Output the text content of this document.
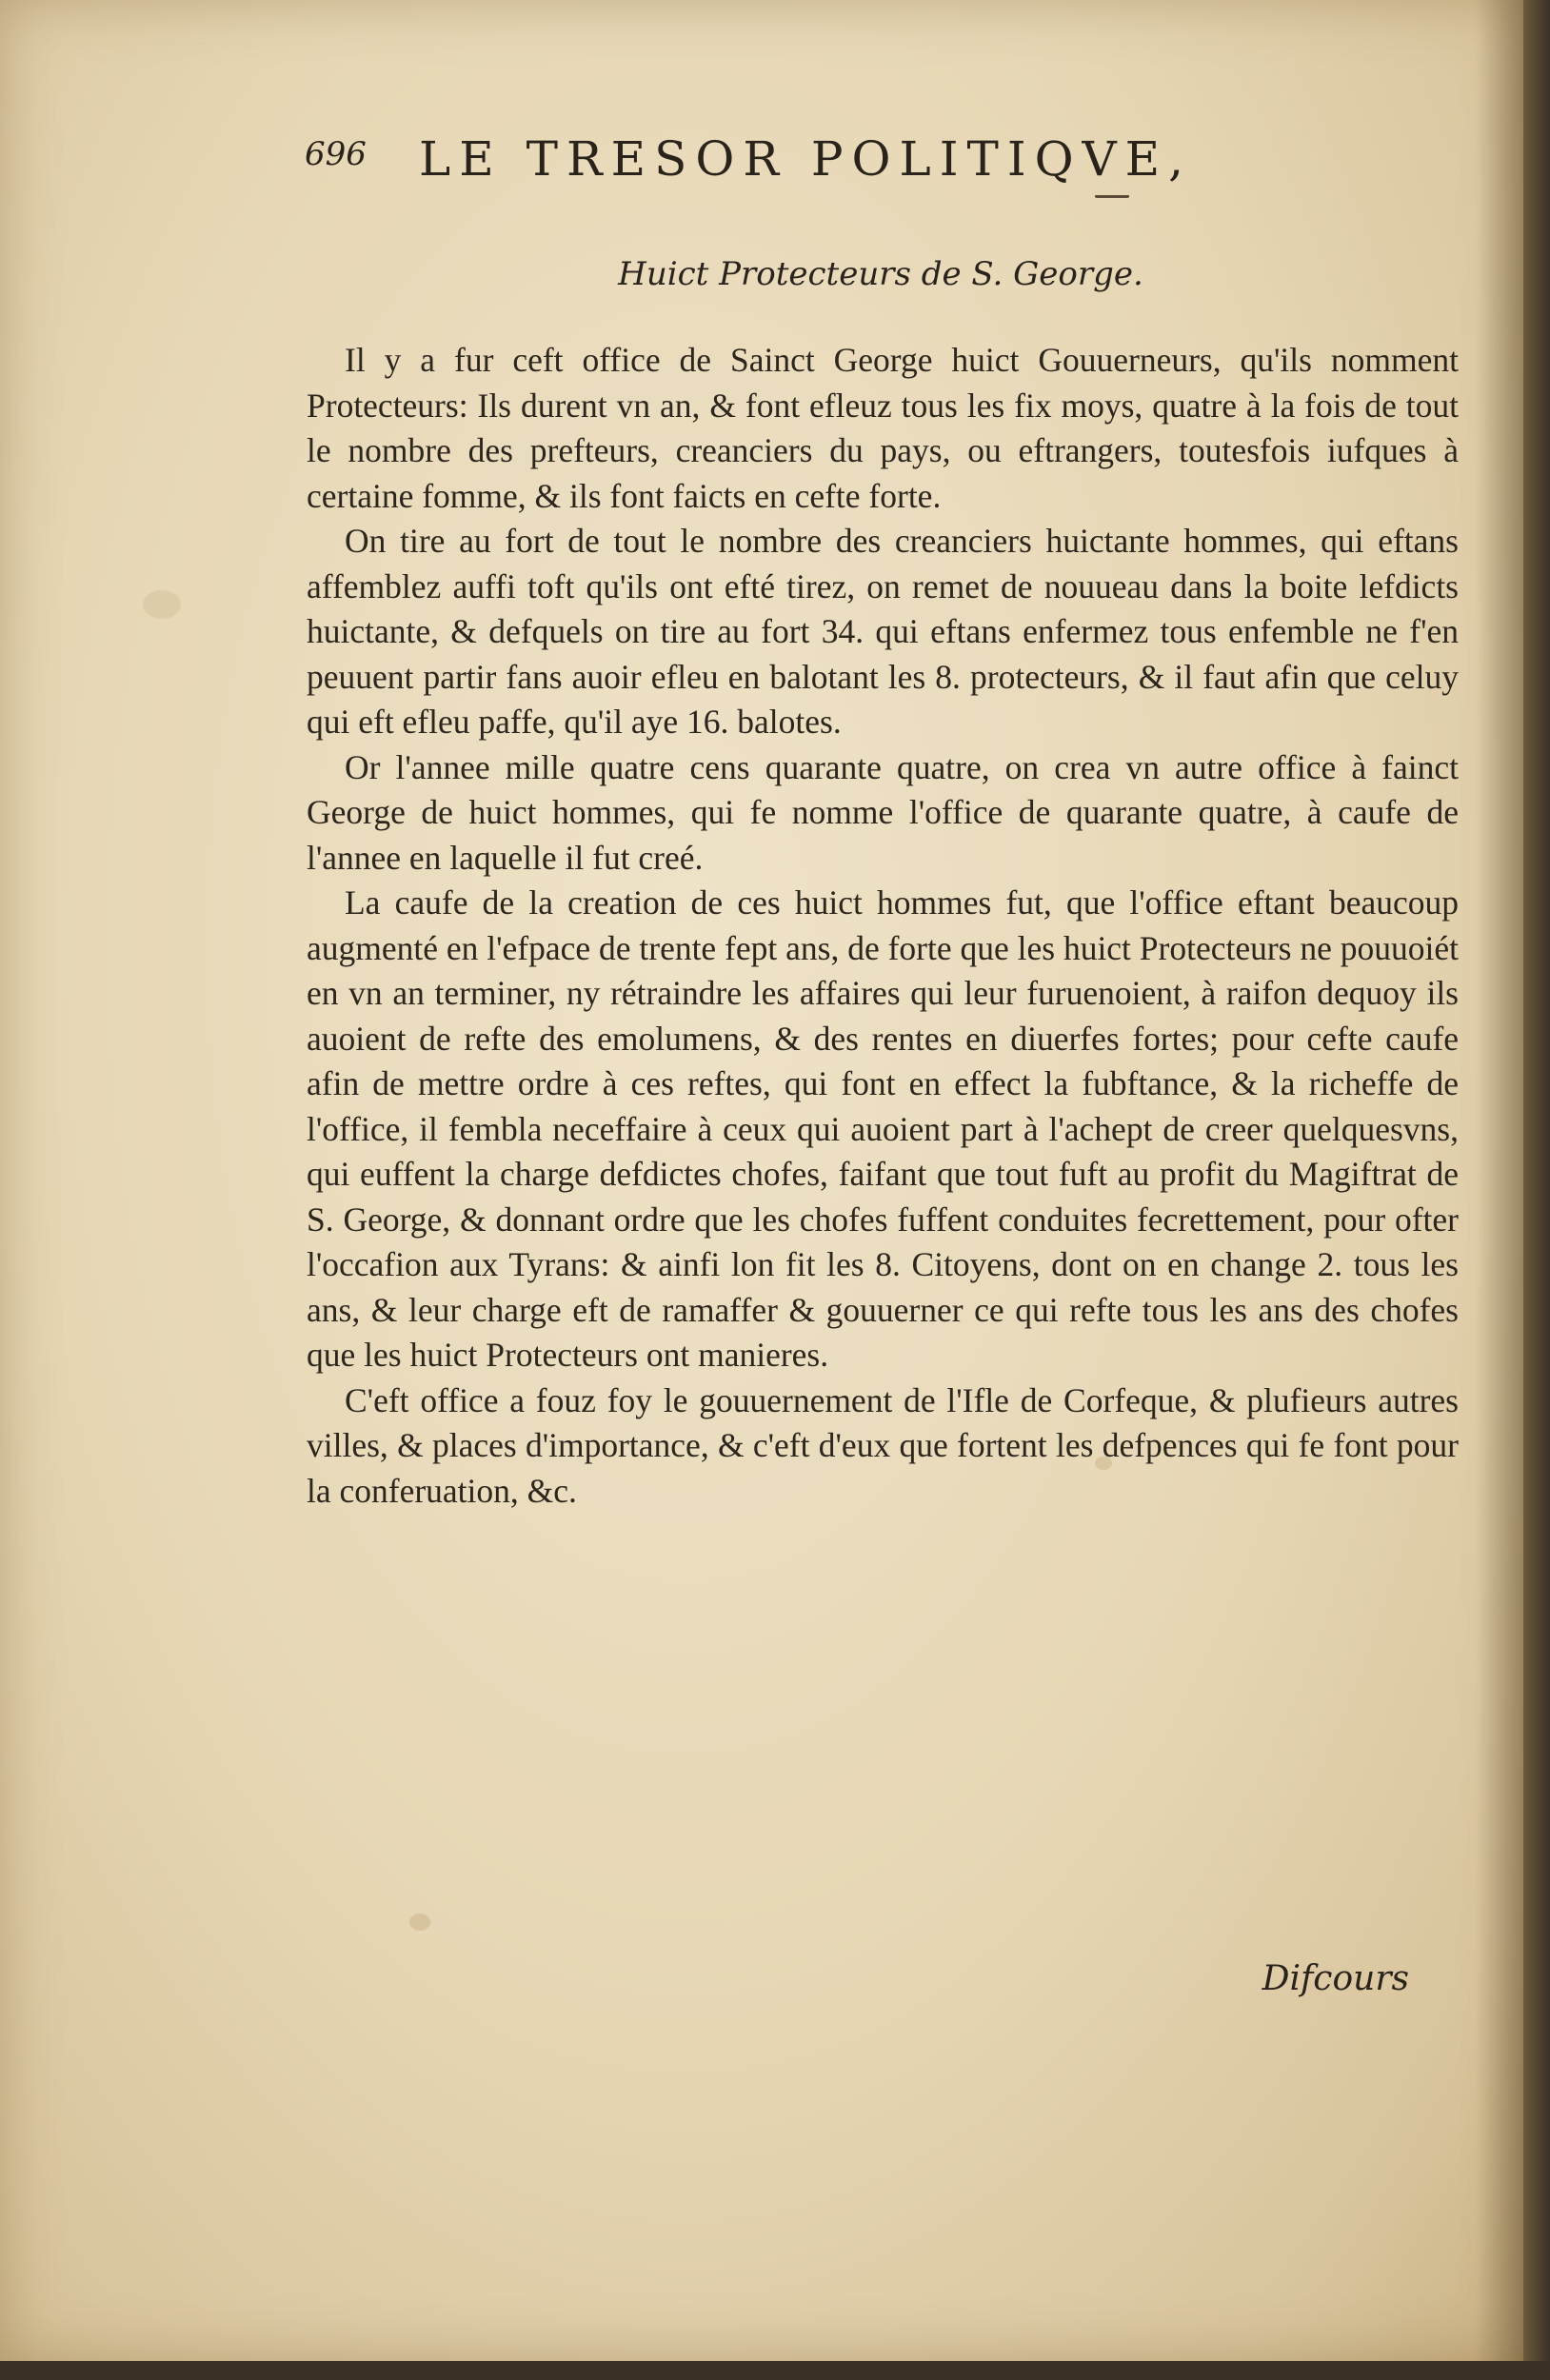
696 LE TRESOR POLITIQVE,
Huict Protecteurs de S. George.

Il y a fur ceft office de Sainct George huict Gouuerneurs, qu'ils nomment Protecteurs: Ils durent vn an, & font efleuz tous les fix moys, quatre à la fois de tout le nombre des prefteurs, creanciers du pays, ou eftrangers, toutesfois iufques à certaine fomme, & ils font faicts en cefte forte.

On tire au fort de tout le nombre des creanciers huictante hommes, qui eftans affemblez auffi toft qu'ils ont efté tirez, on remet de nouueau dans la boite lefdicts huictante, & defquels on tire au fort 34. qui eftans enfermez tous enfemble ne f'en peuuent partir fans auoir efleu en balotant les 8. protecteurs, & il faut afin que celuy qui eft efleu paffe, qu'il aye 16. balotes.

Or l'annee mille quatre cens quarante quatre, on crea vn autre office à fainct George de huict hommes, qui fe nomme l'office de quarante quatre, à caufe de l'annee en laquelle il fut creé.

La caufe de la creation de ces huict hommes fut, que l'office eftant beaucoup augmenté en l'efpace de trente fept ans, de forte que les huict Protecteurs ne pouuoiét en vn an terminer, ny rétraindre les affaires qui leur furuenoient, à raifon dequoy ils auoient de refte des emolumens, & des rentes en diuerfes fortes; pour cefte caufe afin de mettre ordre à ces reftes, qui font en effect la fubftance, & la richeffe de l'office, il fembla neceffaire à ceux qui auoient part à l'achept de creer quelquesvns, qui euffent la charge defdictes chofes, faifant que tout fuft au profit du Magiftrat de S. George, & donnant ordre que les chofes fuffent conduites fecrettement, pour ofter l'occafion aux Tyrans: & ainfi lon fit les 8. Citoyens, dont on en change 2. tous les ans, & leur charge eft de ramaffer & gouuerner ce qui refte tous les ans des chofes que les huict Protecteurs ont manieres.

C'eft office a fouz foy le gouuernement de l'Ifle de Corfeque, & plufieurs autres villes, & places d'importance, & c'eft d'eux que fortent les defpences qui fe font pour la conferuation, &c.

Difcours
